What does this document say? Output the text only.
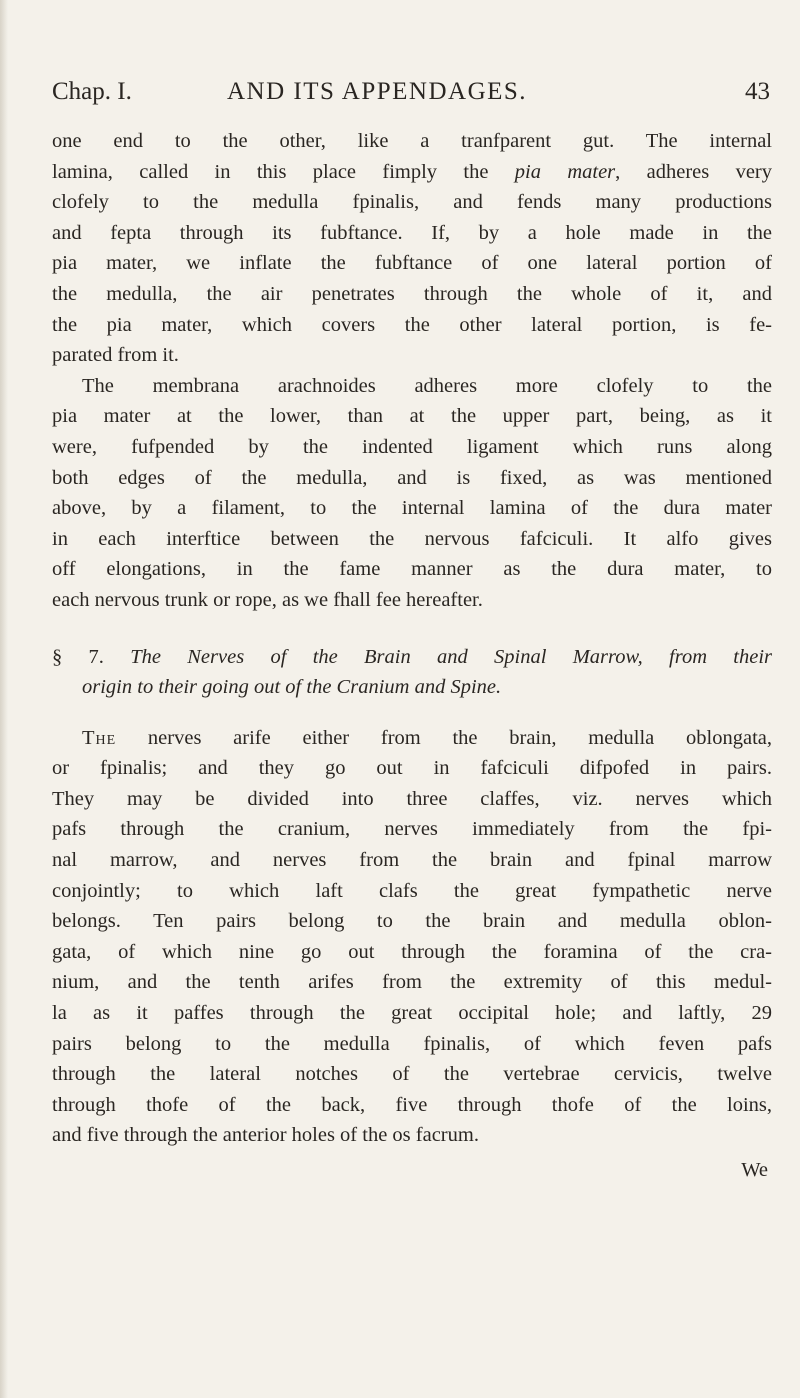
Chap. I.	AND ITS APPENDAGES.	43
one end to the other, like a tranfparent gut. The internal
lamina, called in this place fimply the pia mater, adheres very
clofely to the medulla fpinalis, and fends many productions
and fepta through its fubftance. If, by a hole made in the
pia mater, we inflate the fubftance of one lateral portion of
the medulla, the air penetrates through the whole of it, and
the pia mater, which covers the other lateral portion, is fe-
parated from it.
The membrana arachnoides adheres more clofely to the
pia mater at the lower, than at the upper part, being, as it
were, fufpended by the indented ligament which runs along
both edges of the medulla, and is fixed, as was mentioned
above, by a filament, to the internal lamina of the dura mater
in each interftice between the nervous fafciculi. It alfo gives
off elongations, in the fame manner as the dura mater, to
each nervous trunk or rope, as we fhall fee hereafter.
§ 7. The Nerves of the Brain and Spinal Marrow, from their
origin to their going out of the Cranium and Spine.
The nerves arife either from the brain, medulla oblongata,
or fpinalis; and they go out in fafciculi difpofed in pairs.
They may be divided into three claffes, viz. nerves which
pafs through the cranium, nerves immediately from the fpi-
nal marrow, and nerves from the brain and fpinal marrow
conjointly; to which laft clafs the great fympathetic nerve
belongs. Ten pairs belong to the brain and medulla oblon-
gata, of which nine go out through the foramina of the cra-
nium, and the tenth arifes from the extremity of this medul-
la as it paffes through the great occipital hole; and laftly, 29
pairs belong to the medulla fpinalis, of which feven pafs
through the lateral notches of the vertebrae cervicis, twelve
through thofe of the back, five through thofe of the loins,
and five through the anterior holes of the os facrum.
We
